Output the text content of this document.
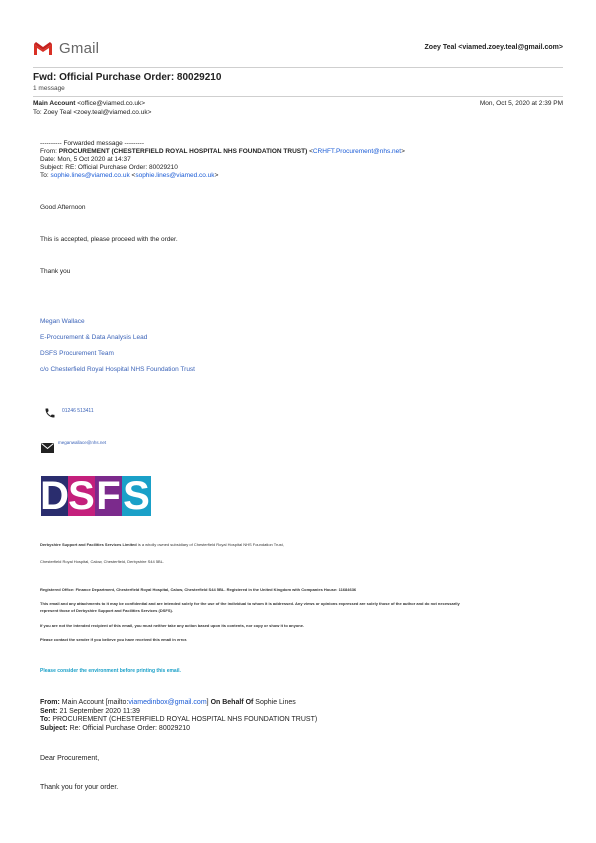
Gmail	Zoey Teal <viamed.zoey.teal@gmail.com>
Fwd: Official Purchase Order: 80029210
1 message
Main Account <office@viamed.co.uk>	Mon, Oct 5, 2020 at 2:39 PM
To: Zoey Teal <zoey.teal@viamed.co.uk>
---------- Forwarded message ---------
From: PROCUREMENT (CHESTERFIELD ROYAL HOSPITAL NHS FOUNDATION TRUST) <CRHFT.Procurement@nhs.net>
Date: Mon, 5 Oct 2020 at 14:37
Subject: RE: Official Purchase Order: 80029210
To: sophie.lines@viamed.co.uk <sophie.lines@viamed.co.uk>
Good Afternoon
This is accepted, please proceed with the order.
Thank you
Megan Wallace
E-Procurement & Data Analysis Lead
DSFS Procurement Team
c/o Chesterfield Royal Hospital NHS Foundation Trust
01246 513411
meganwallace@nhs.net
D S F S
Derbyshire Support and Facilities Services Limited is a wholly owned subsidiary of Chesterfield Royal Hospital NHS Foundation Trust,
Chesterfield Royal Hospital, Calow, Chesterfield, Derbyshire S44 5BL.
Registered Office: Finance Department, Chesterfield Royal Hospital, Calow, Chesterfield S44 5BL. Registered in the United Kingdom with Companies House: 11684636
This email and any attachments to it may be confidential and are intended solely for the use of the individual to whom it is addressed. Any views or opinions expressed are solely those of the author and do not necessarily
represent those of Derbyshire Support and Facilities Services (DSFS).
If you are not the intended recipient of this email, you must neither take any action based upon its contents, nor copy or show it to anyone.
Please contact the sender if you believe you have received this email in error.
Please consider the environment before printing this email.
From: Main Account [mailto:viamedinbox@gmail.com] On Behalf Of Sophie Lines
Sent: 21 September 2020 11:39
To: PROCUREMENT (CHESTERFIELD ROYAL HOSPITAL NHS FOUNDATION TRUST)
Subject: Re: Official Purchase Order: 80029210
Dear Procurement,
Thank you for your order.
